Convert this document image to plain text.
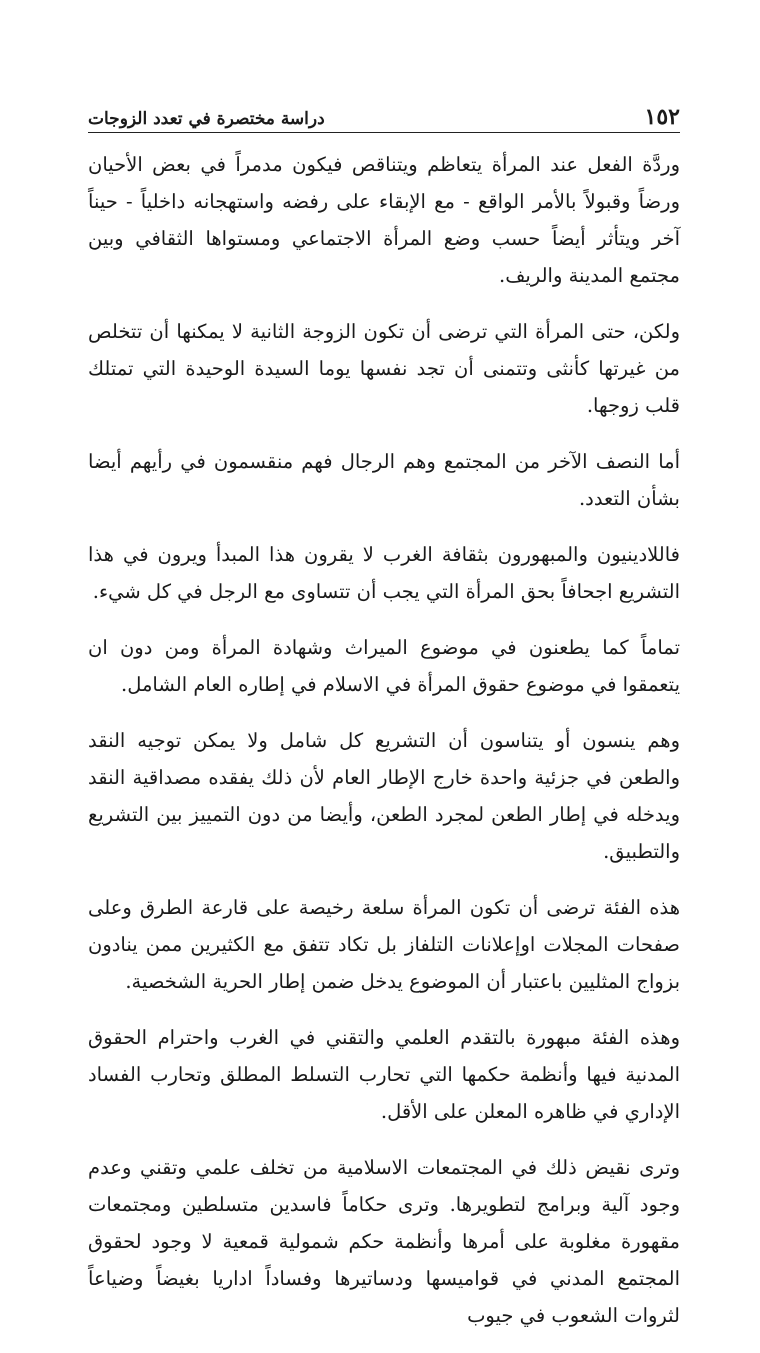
١٥٢
دراسة مختصرة في تعدد الزوجات

وردَّة الفعل عند المرأة يتعاظم ويتناقص فيكون مدمراً في بعض الأحيان ورضاً وقبولاً بالأمر الواقع - مع الإبقاء على رفضه واستهجانه داخلياً - حيناً آخر ويتأثر أيضاً حسب وضع المرأة الاجتماعي ومستواها الثقافي وبين مجتمع المدينة والريف.

ولكن، حتى المرأة التي ترضى أن تكون الزوجة الثانية لا يمكنها أن تتخلص من غيرتها كأنثى وتتمنى أن تجد نفسها يوما السيدة الوحيدة التي تمتلك قلب زوجها.

أما النصف الآخر من المجتمع وهم الرجال فهم منقسمون في رأيهم أيضا بشأن التعدد.

فاللادينيون والمبهورون بثقافة الغرب لا يقرون هذا المبدأ ويرون في هذا التشريع اجحافاً بحق المرأة التي يجب أن تتساوى مع الرجل في كل شيء.

تماماً كما يطعنون في موضوع الميراث وشهادة المرأة ومن دون ان يتعمقوا في موضوع حقوق المرأة في الاسلام في إطاره العام الشامل.

وهم ينسون أو يتناسون أن التشريع كل شامل ولا يمكن توجيه النقد والطعن في جزئية واحدة خارج الإطار العام لأن ذلك يفقده مصداقية النقد ويدخله في إطار الطعن لمجرد الطعن، وأيضا من دون التمييز بين التشريع والتطبيق.

هذه الفئة ترضى أن تكون المرأة سلعة رخيصة على قارعة الطرق وعلى صفحات المجلات اوإعلانات التلفاز بل تكاد تتفق مع الكثيرين ممن ينادون بزواج المثليين باعتبار أن الموضوع يدخل ضمن إطار الحرية الشخصية.

وهذه الفئة مبهورة بالتقدم العلمي والتقني في الغرب واحترام الحقوق المدنية فيها وأنظمة حكمها التي تحارب التسلط المطلق وتحارب الفساد الإداري في ظاهره المعلن على الأقل.

وترى نقيض ذلك في المجتمعات الاسلامية من تخلف علمي وتقني وعدم وجود آلية وبرامج لتطويرها. وترى حكاماً فاسدين متسلطين ومجتمعات مقهورة مغلوبة على أمرها وأنظمة حكم شمولية قمعية لا وجود لحقوق المجتمع المدني في قواميسها ودساتيرها وفساداً اداريا بغيضاً وضياعاً لثروات الشعوب في جيوب
